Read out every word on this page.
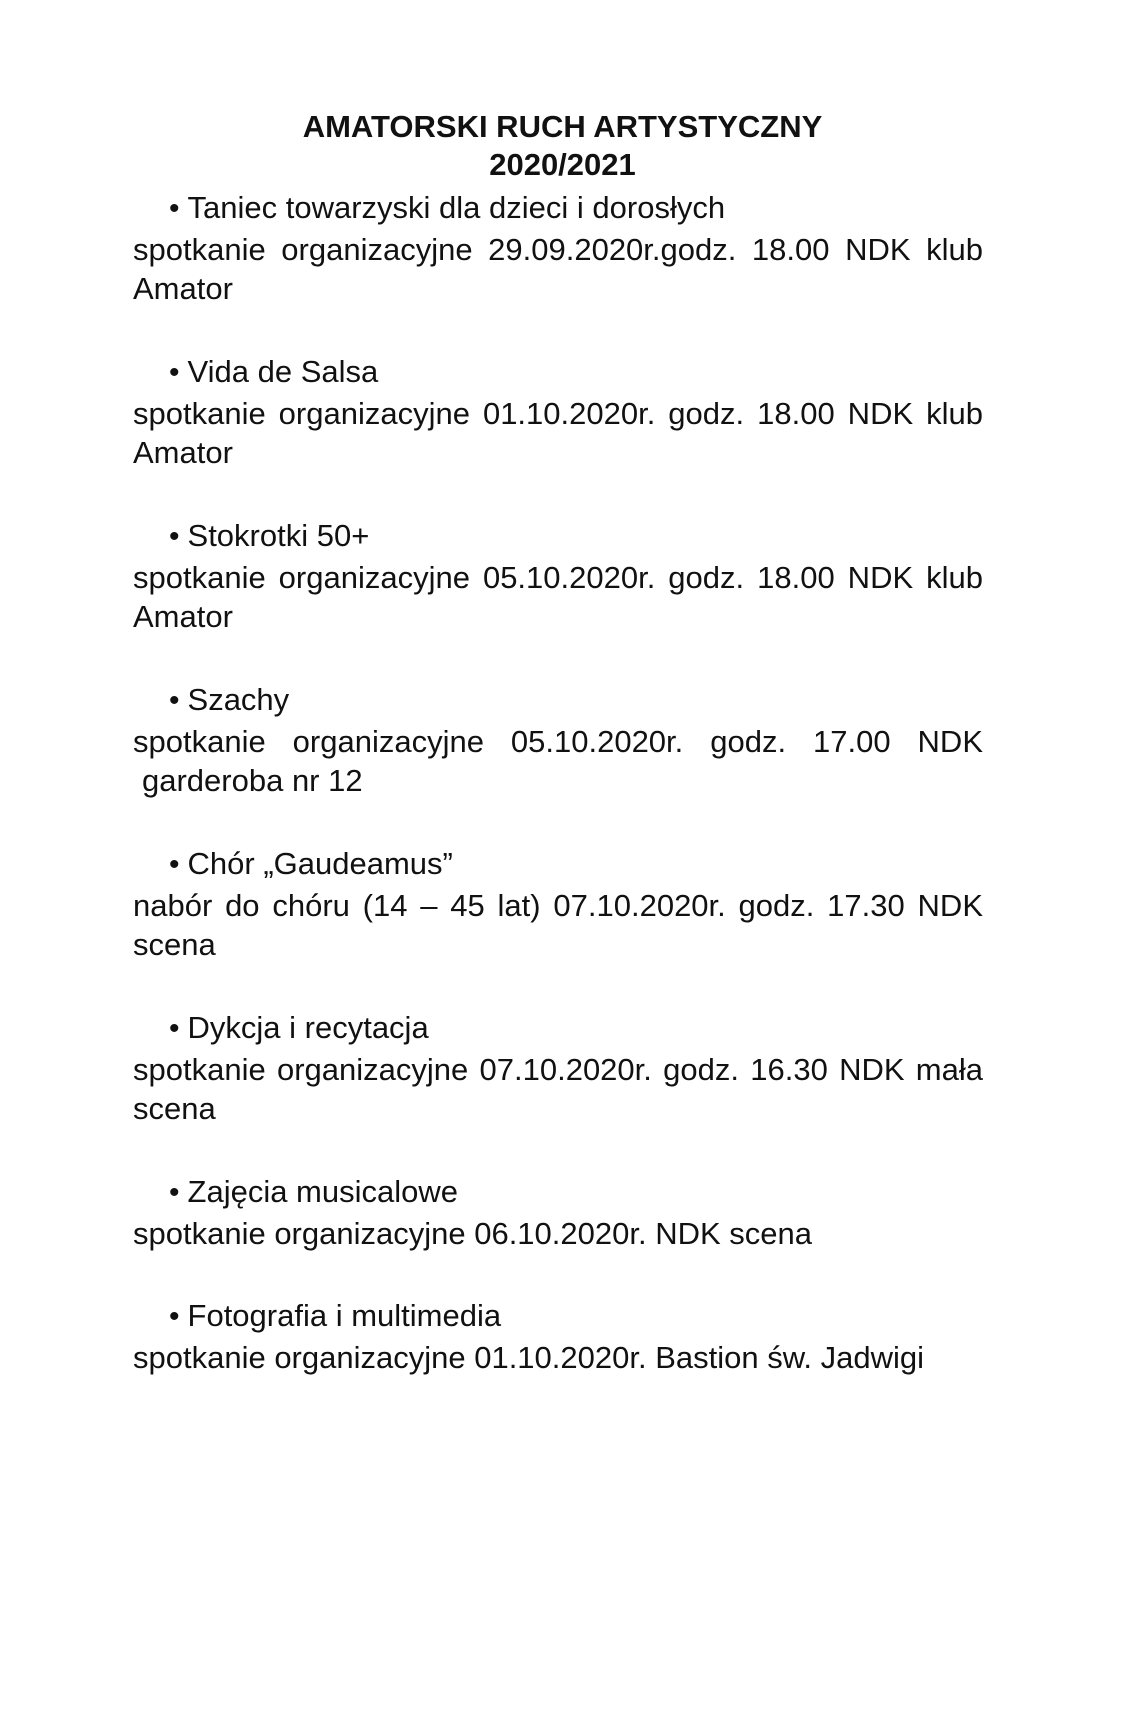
AMATORSKI RUCH ARTYSTYCZNY
2020/2021
• Taniec towarzyski dla dzieci i dorosłych
spotkanie organizacyjne 29.09.2020r.godz. 18.00 NDK klub Amator
• Vida de Salsa
spotkanie organizacyjne 01.10.2020r. godz. 18.00 NDK klub Amator
• Stokrotki 50+
spotkanie organizacyjne 05.10.2020r. godz. 18.00 NDK klub Amator
• Szachy
spotkanie organizacyjne 05.10.2020r. godz. 17.00 NDK
garderoba nr 12
• Chór „Gaudeamus”
nabór do chóru (14 – 45 lat) 07.10.2020r. godz. 17.30 NDK scena
• Dykcja i recytacja
spotkanie organizacyjne 07.10.2020r. godz. 16.30 NDK mała scena
• Zajęcia musicalowe
spotkanie organizacyjne 06.10.2020r. NDK scena
• Fotografia i multimedia
spotkanie organizacyjne 01.10.2020r. Bastion św. Jadwigi
